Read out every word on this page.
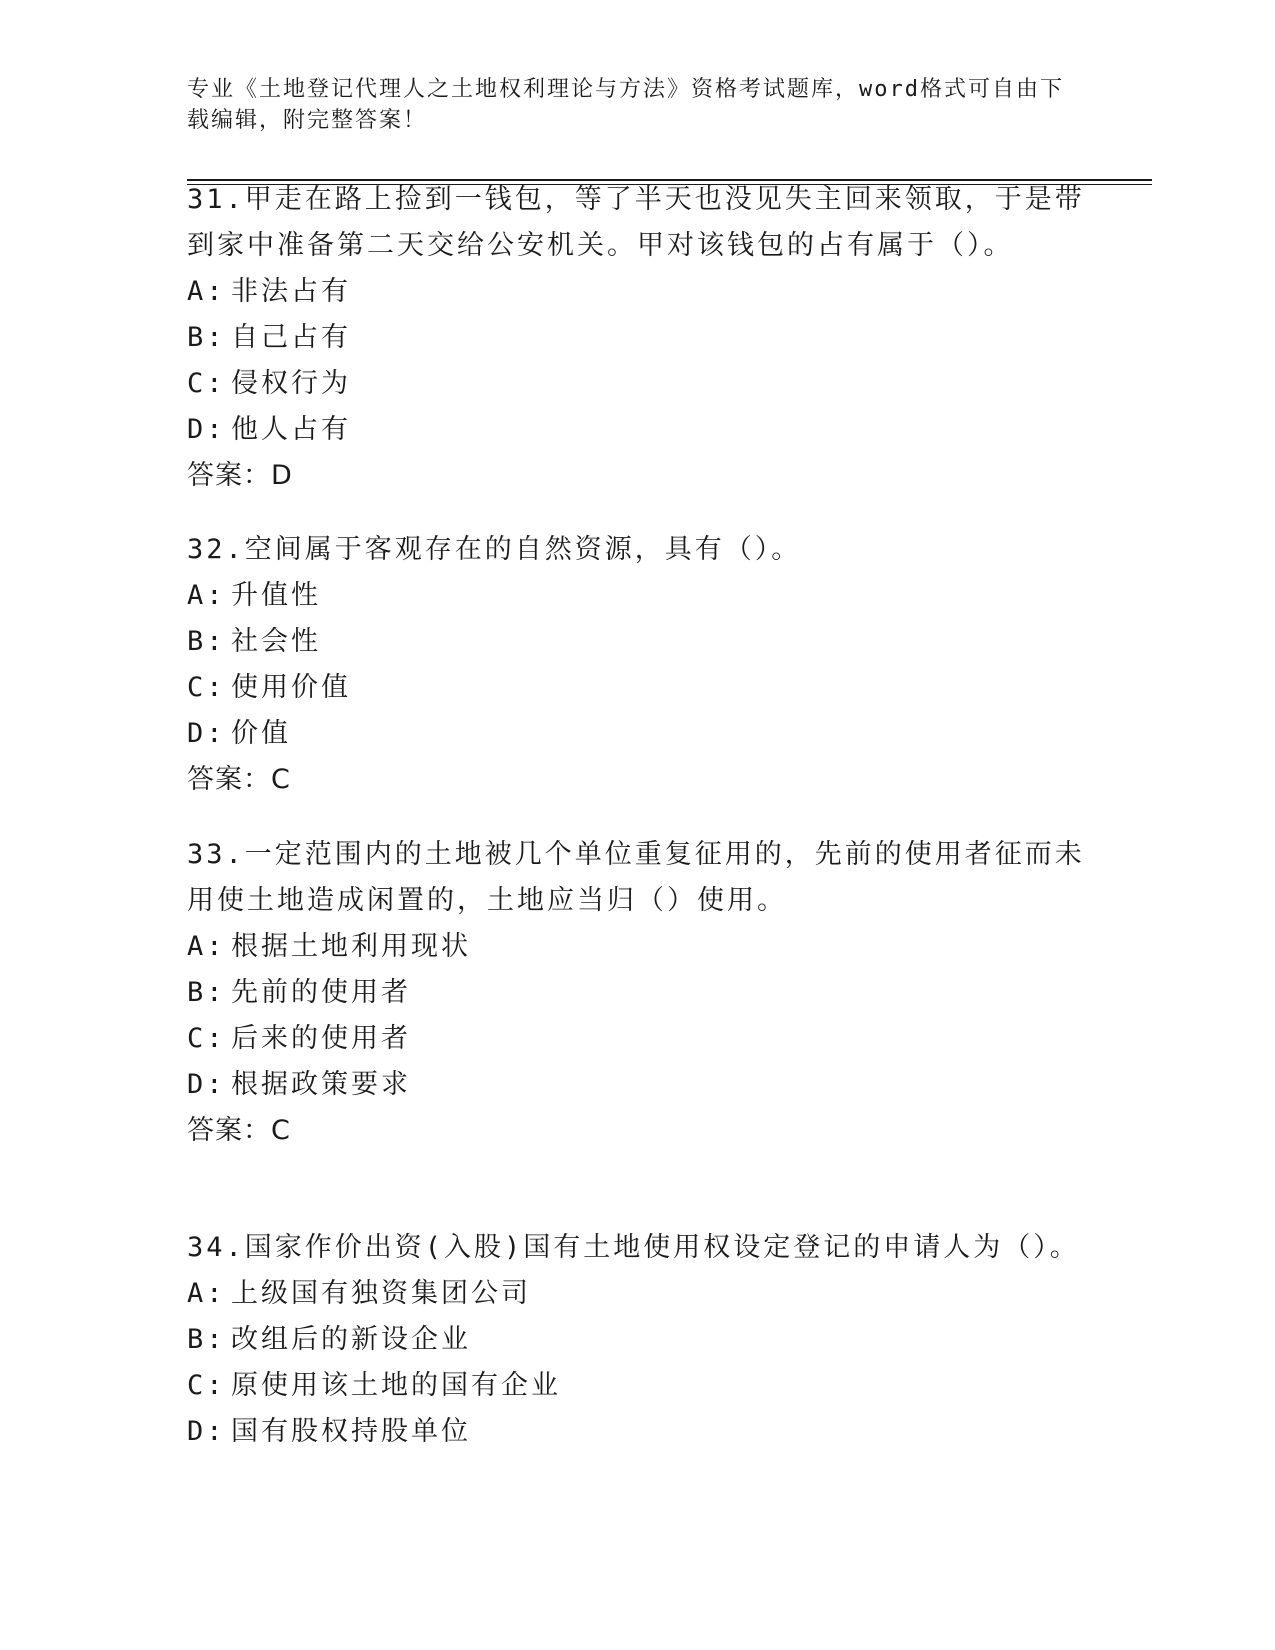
专业《土地登记代理人之土地权利理论与方法》资格考试题库，word格式可自由下载编辑，附完整答案！

31.甲走在路上捡到一钱包，等了半天也没见失主回来领取，于是带到家中准备第二天交给公安机关。甲对该钱包的占有属于（）。

A: 非法占有
B: 自己占有
C: 侵权行为
D: 他人占有
答案：D

32.空间属于客观存在的自然资源，具有（）。

A: 升值性
B: 社会性
C: 使用价值
D: 价值
答案：C

33.一定范围内的土地被几个单位重复征用的，先前的使用者征而未用使土地造成闲置的，土地应当归（）使用。

A: 根据土地利用现状
B: 先前的使用者
C: 后来的使用者
D: 根据政策要求
答案：C

34.国家作价出资(入股)国有土地使用权设定登记的申请人为（）。

A: 上级国有独资集团公司
B: 改组后的新设企业
C: 原使用该土地的国有企业
D: 国有股权持股单位
